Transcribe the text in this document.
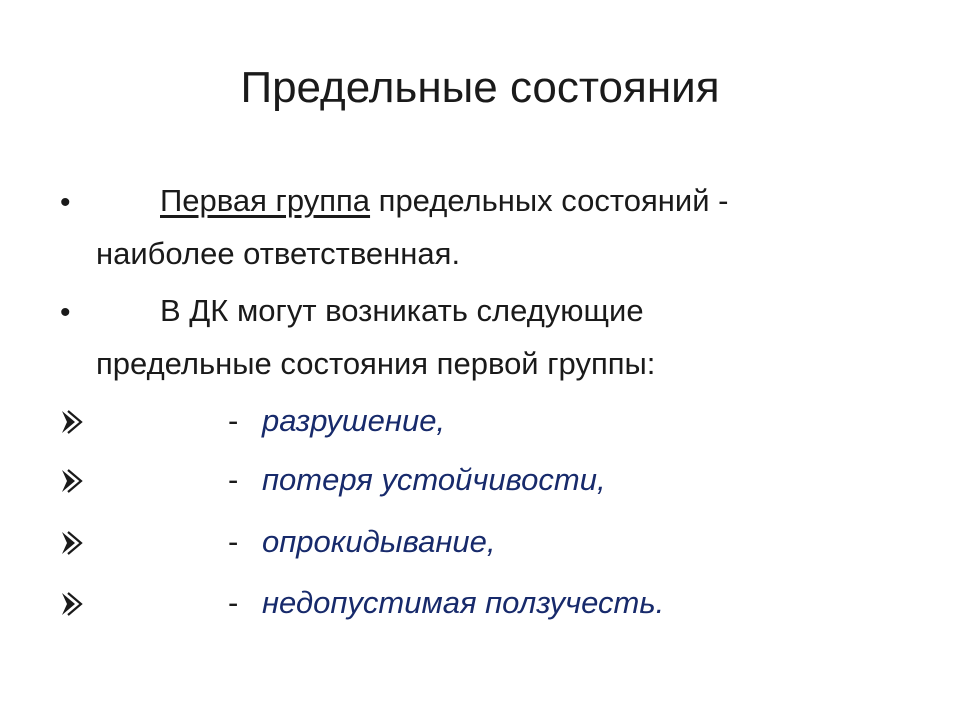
Предельные состояния
•	Первая группа предельных состояний -
наиболее ответственная.
•	В ДК могут возникать следующие
предельные состояния первой группы:
- разрушение,
- потеря устойчивости,
- опрокидывание,
- недопустимая ползучесть.
